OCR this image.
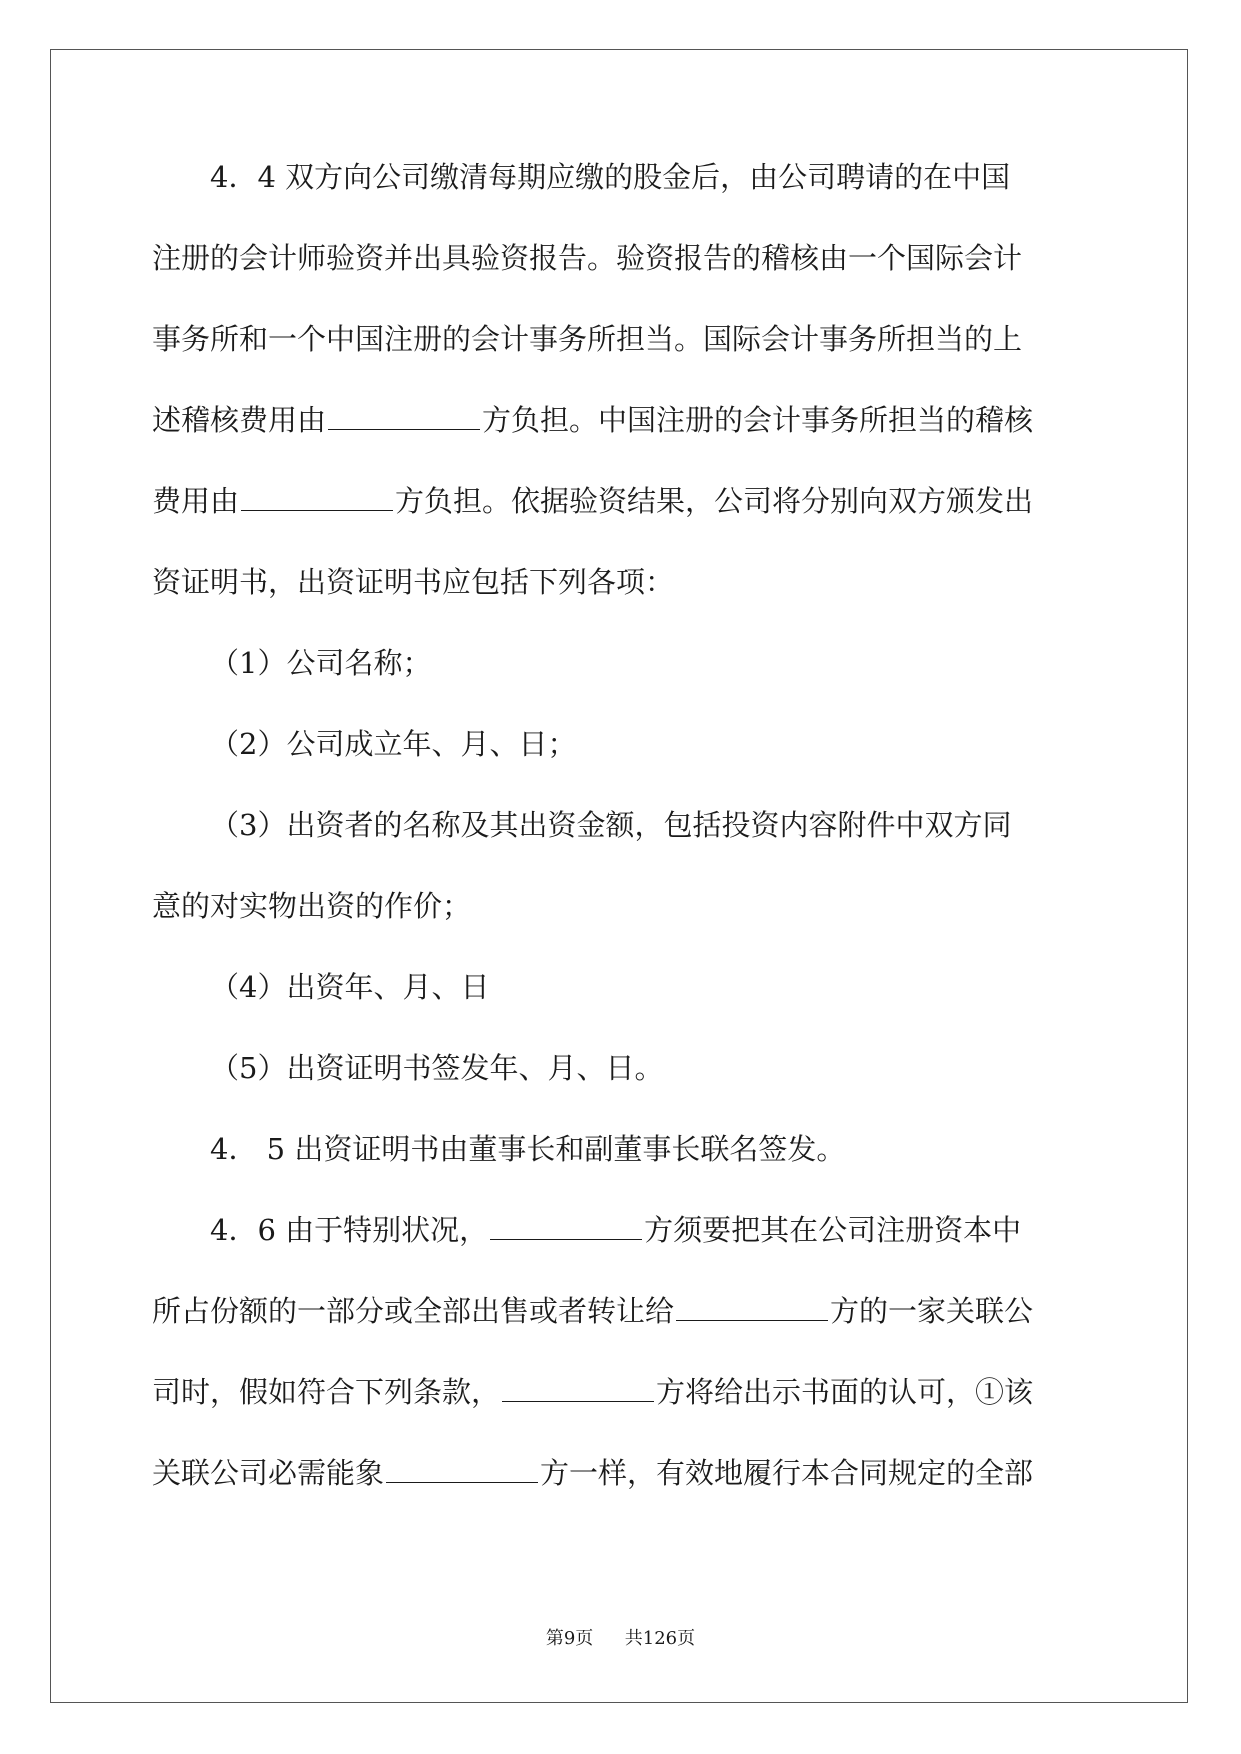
4．4 双方向公司缴清每期应缴的股金后，由公司聘请的在中国
注册的会计师验资并出具验资报告。验资报告的稽核由一个国际会计
事务所和一个中国注册的会计事务所担当。国际会计事务所担当的上
述稽核费用由	方负担。中国注册的会计事务所担当的稽核
费用由	方负担。依据验资结果，公司将分别向双方颁发出
资证明书，出资证明书应包括下列各项：
（1）公司名称；
（2）公司成立年、月、日；
（3）出资者的名称及其出资金额，包括投资内容附件中双方同
意的对实物出资的作价；
（4）出资年、月、日
（5）出资证明书签发年、月、日。
4． 5 出资证明书由董事长和副董事长联名签发。
4．6 由于特别状况，	方须要把其在公司注册资本中
所占份额的一部分或全部出售或者转让给	方的一家关联公
司时，假如符合下列条款，	方将给出示书面的认可，①该
关联公司必需能象	方一样，有效地履行本合同规定的全部
第9页 共126页
